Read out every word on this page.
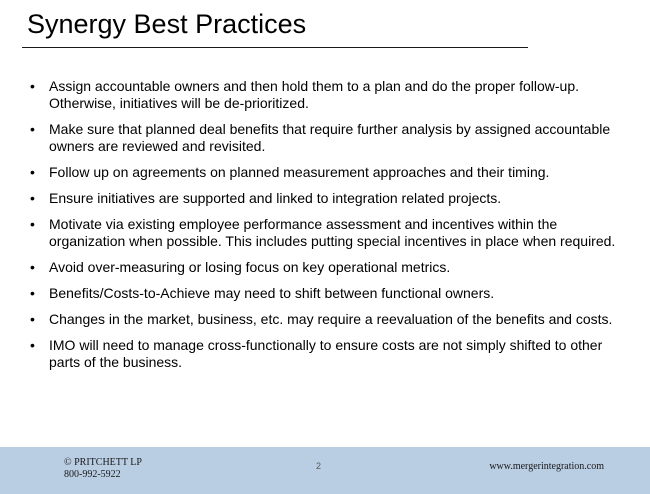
Synergy Best Practices
• Assign accountable owners and then hold them to a plan and do the proper follow-up. Otherwise, initiatives will be de-prioritized.
• Make sure that planned deal benefits that require further analysis by assigned accountable owners are reviewed and revisited.
• Follow up on agreements on planned measurement approaches and their timing.
• Ensure initiatives are supported and linked to integration related projects.
• Motivate via existing employee performance assessment and incentives within the organization when possible. This includes putting special incentives in place when required.
• Avoid over-measuring or losing focus on key operational metrics.
• Benefits/Costs-to-Achieve may need to shift between functional owners.
• Changes in the market, business, etc. may require a reevaluation of the benefits and costs.
• IMO will need to manage cross-functionally to ensure costs are not simply shifted to other parts of the business.
© PRITCHETT LP
800-992-5922
2	www.mergerintegration.com
